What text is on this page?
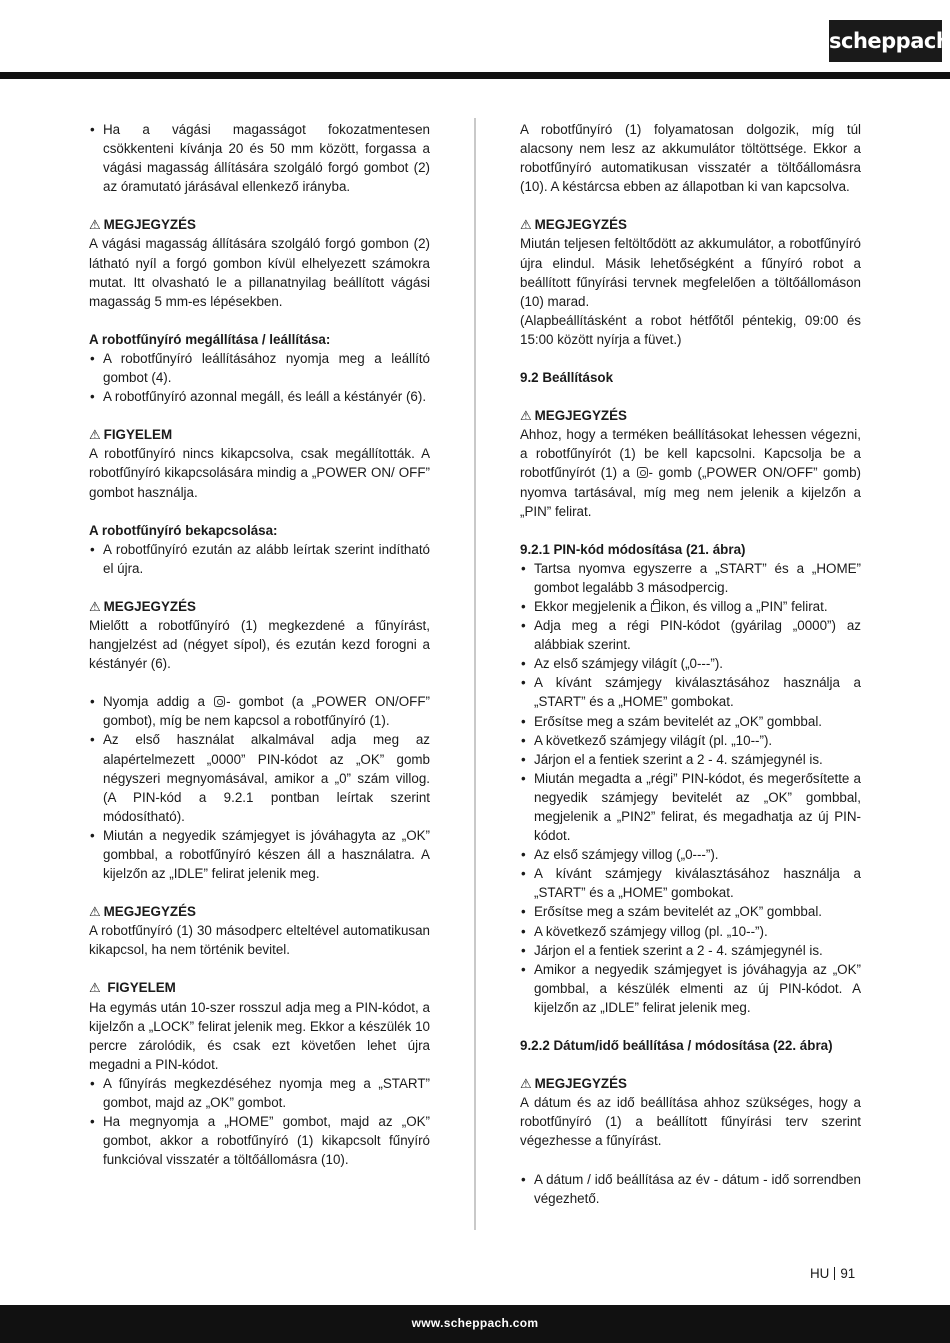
scheppach
• Ha a vágási magasságot fokozatmentesen csökkenteni kívánja 20 és 50 mm között, forgassa a vágási magasság állítására szolgáló forgó gombot (2) az óramutató járásával ellenkező irányba.

⚠ MEGJEGYZÉS

A vágási magasság állítására szolgáló forgó gombon (2) látható nyíl a forgó gombon kívül elhelyezett számokra mutat. Itt olvasható le a pillanatnyilag beállított vágási magasság 5 mm-es lépésekben.

A robotfűnyíró megállítása / leállítása:

• A robotfűnyíró leállításához nyomja meg a leállító gombot (4).
• A robotfűnyíró azonnal megáll, és leáll a késtányér (6).

⚠ FIGYELEM

A robotfűnyíró nincs kikapcsolva, csak megállították. A robotfűnyíró kikapcsolására mindig a „POWER ON/ OFF” gombot használja.

A robotfűnyíró bekapcsolása:

• A robotfűnyíró ezután az alább leírtak szerint indítható el újra.

⚠ MEGJEGYZÉS

Mielőtt a robotfűnyíró (1) megkezdené a fűnyírást, hangjelzést ad (négyet sípol), és ezután kezd forogni a késtányér (6).

• Nyomja addig a - gombot (a „POWER ON/OFF” gombot), míg be nem kapcsol a robotfűnyíró (1).
• Az első használat alkalmával adja meg az alapértelmezett „0000” PIN-kódot az „OK” gomb négyszeri megnyomásával, amikor a „0” szám villog. (A PIN-kód a 9.2.1 pontban leírtak szerint módosítható).
• Miután a negyedik számjegyet is jóváhagyta az „OK” gombbal, a robotfűnyíró készen áll a használatra. A kijelzőn az „IDLE” felirat jelenik meg.

⚠ MEGJEGYZÉS

A robotfűnyíró (1) 30 másodperc elteltével automatikusan kikapcsol, ha nem történik bevitel.

⚠ FIGYELEM

Ha egymás után 10-szer rosszul adja meg a PIN-kódot, a kijelzőn a „LOCK” felirat jelenik meg. Ekkor a készülék 10 percre zárolódik, és csak ezt követően lehet újra megadni a PIN-kódot.

• A fűnyírás megkezdéséhez nyomja meg a „START” gombot, majd az „OK” gombot.
• Ha megnyomja a „HOME” gombot, majd az „OK” gombot, akkor a robotfűnyíró (1) kikapcsolt fűnyíró funkcióval visszatér a töltőállomásra (10).

A robotfűnyíró (1) folyamatosan dolgozik, míg túl alacsony nem lesz az akkumulátor töltöttsége. Ekkor a robotfűnyíró automatikusan visszatér a töltőállomásra (10). A késtárcsa ebben az állapotban ki van kapcsolva.

⚠ MEGJEGYZÉS

Miután teljesen feltöltődött az akkumulátor, a robotfűnyíró újra elindul. Másik lehetőségként a fűnyíró robot a beállított fűnyírási tervnek megfelelően a töltőállomáson (10) marad.

(Alapbeállításként a robot hétfőtől péntekig, 09:00 és 15:00 között nyírja a füvet.)

9.2 Beállítások

⚠ MEGJEGYZÉS

Ahhoz, hogy a terméken beállításokat lehessen végezni, a robotfűnyírót (1) be kell kapcsolni. Kapcsolja be a robotfűnyírót (1) a - gomb („POWER ON/OFF” gomb) nyomva tartásával, míg meg nem jelenik a kijelzőn a „PIN” felirat.

9.2.1 PIN-kód módosítása (21. ábra)

• Tartsa nyomva egyszerre a „START” és a „HOME” gombot legalább 3 másodpercig.
• Ekkor megjelenik a ikon, és villog a „PIN” felirat.
• Adja meg a régi PIN-kódot (gyárilag „0000”) az alábbiak szerint.
• Az első számjegy világít („0---”).
• A kívánt számjegy kiválasztásához használja a „START” és a „HOME” gombokat.
• Erősítse meg a szám bevitelét az „OK” gombbal.
• A következő számjegy világít (pl. „10--”).
• Járjon el a fentiek szerint a 2 - 4. számjegynél is.
• Miután megadta a „régi” PIN-kódot, és megerősítette a negyedik számjegy bevitelét az „OK” gombbal, megjelenik a „PIN2” felirat, és megadhatja az új PIN-kódot.
• Az első számjegy villog („0---”).
• A kívánt számjegy kiválasztásához használja a „START” és a „HOME” gombokat.
• Erősítse meg a szám bevitelét az „OK” gombbal.
• A következő számjegy villog (pl. „10--”).
• Járjon el a fentiek szerint a 2 - 4. számjegynél is.
• Amikor a negyedik számjegyet is jóváhagyja az „OK” gombbal, a készülék elmenti az új PIN-kódot. A kijelzőn az „IDLE” felirat jelenik meg.

9.2.2 Dátum/idő beállítása / módosítása (22. ábra)

⚠ MEGJEGYZÉS

A dátum és az idő beállítása ahhoz szükséges, hogy a robotfűnyíró (1) a beállított fűnyírási terv szerint végezhesse a fűnyírást.

• A dátum / idő beállítása az év - dátum - idő sorrendben végezhető.
HU 91
www.scheppach.com
